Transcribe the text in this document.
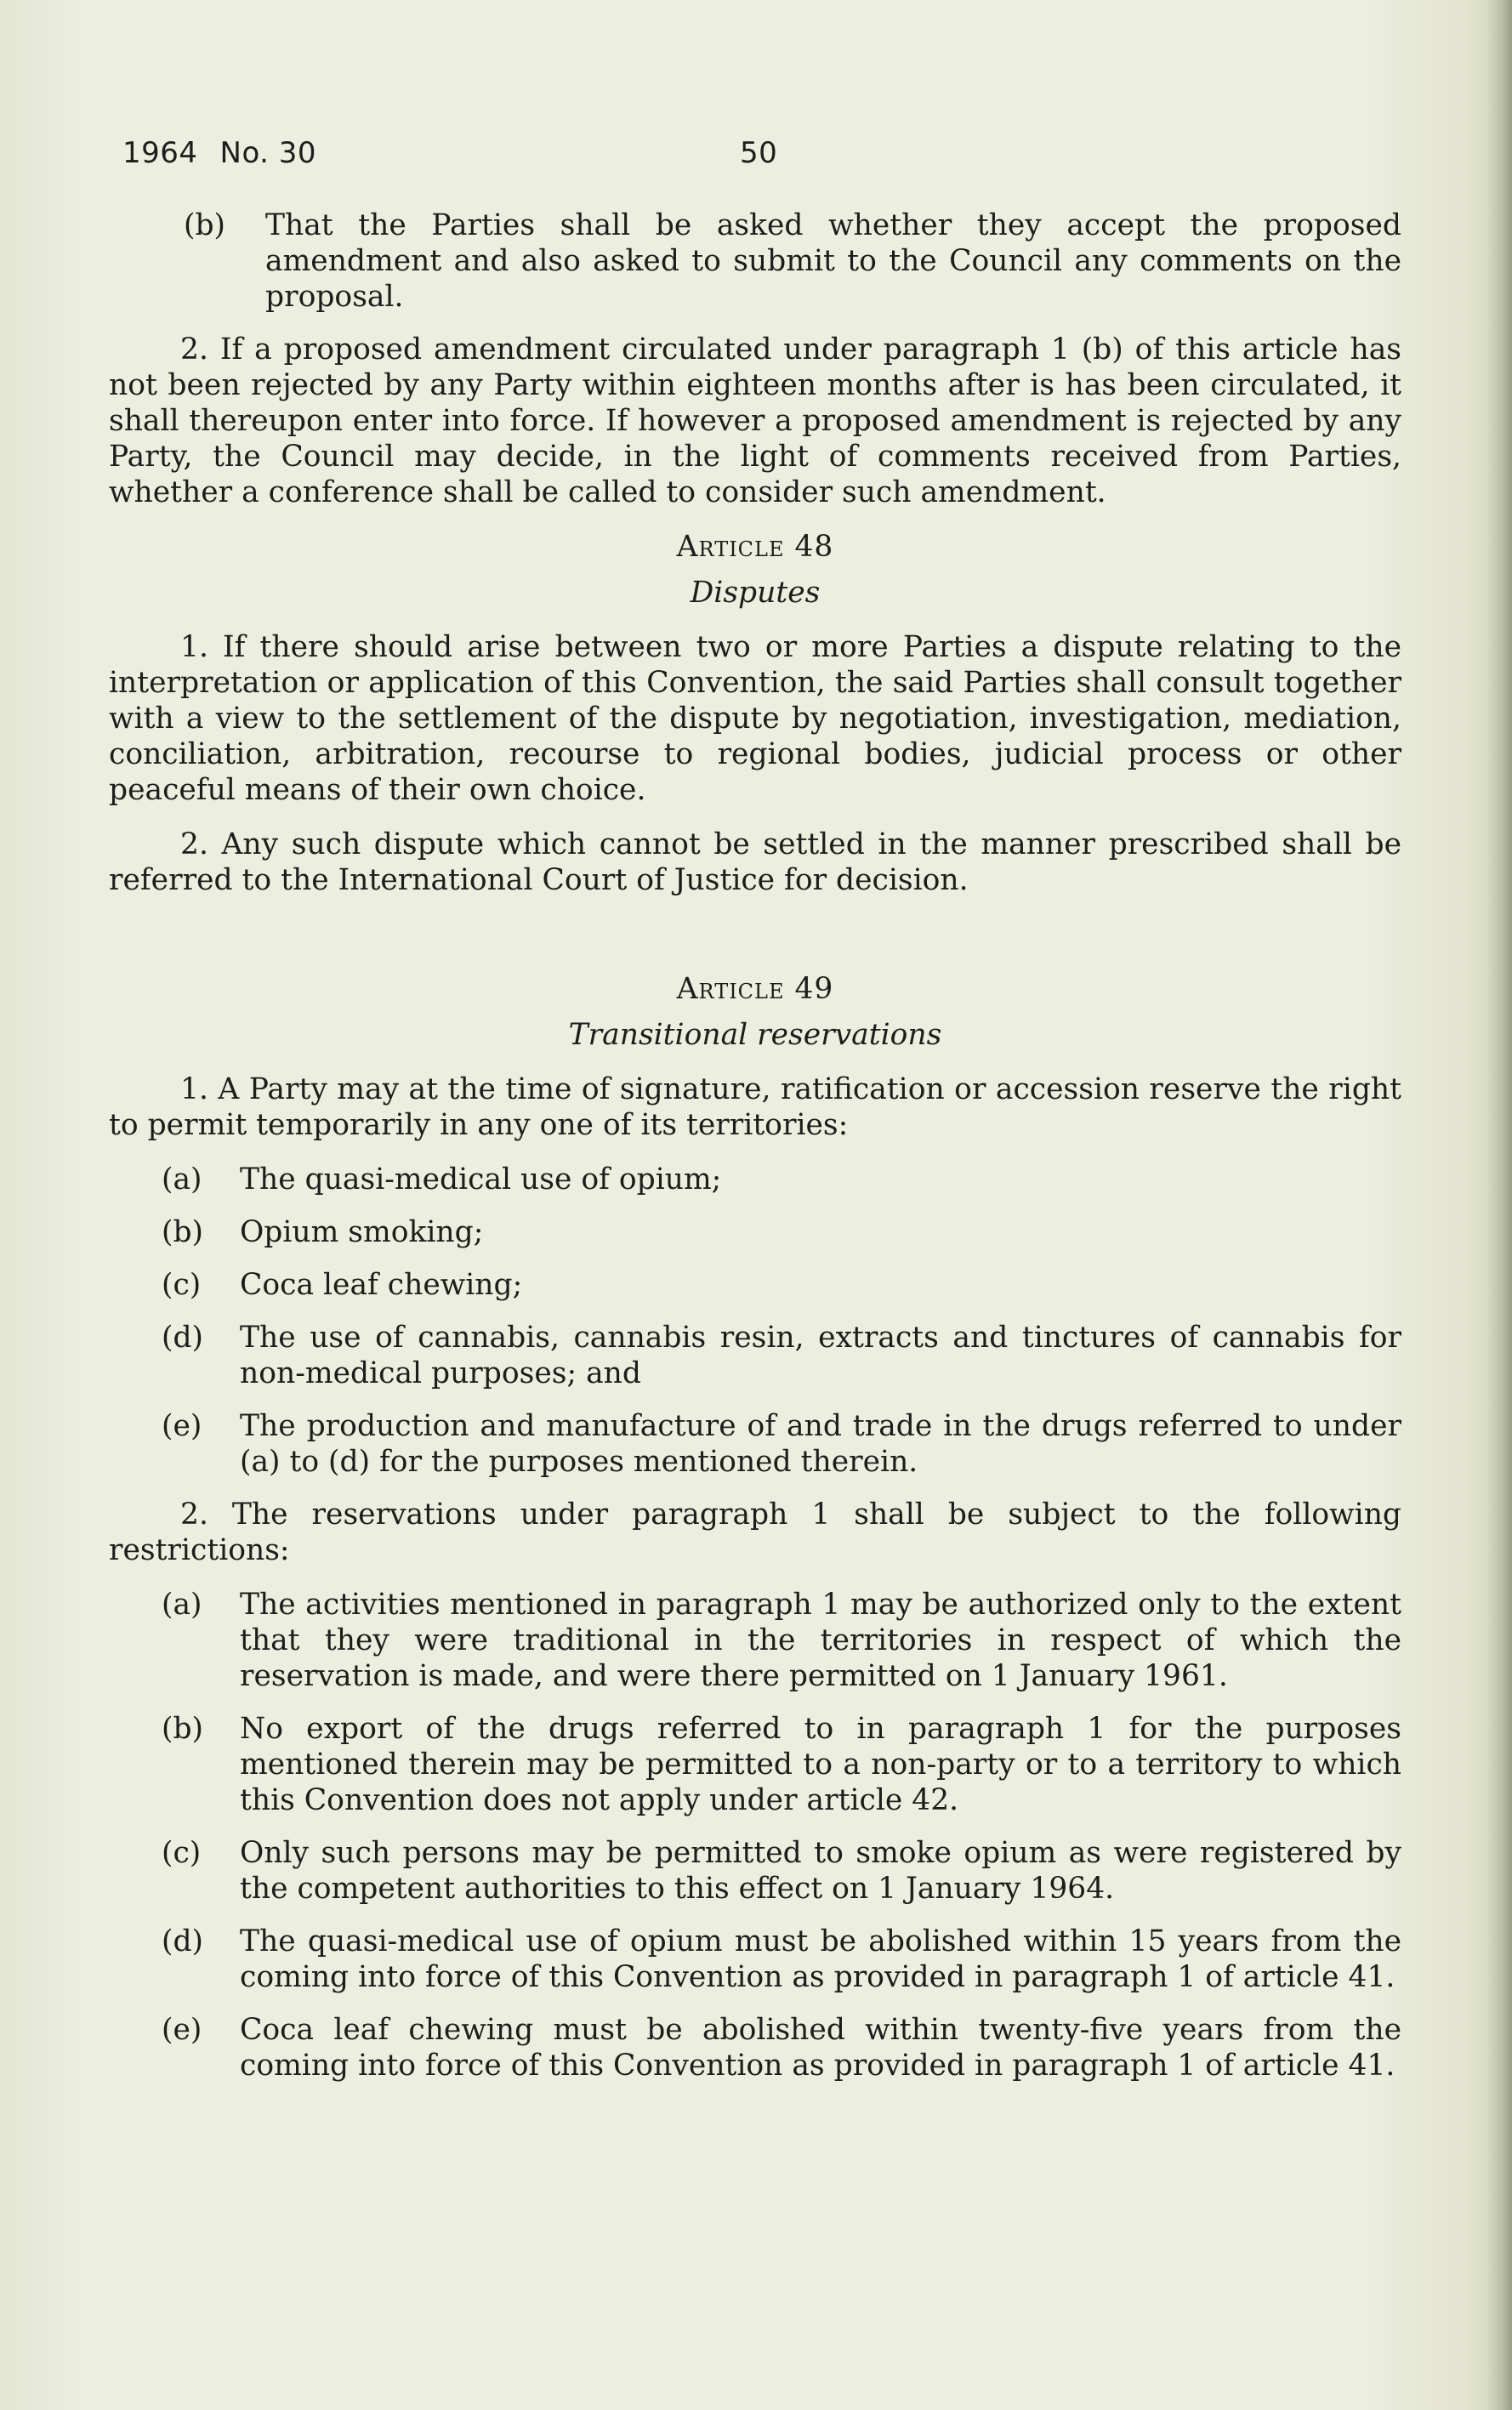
1964 No. 30	50
(b)	That the Parties shall be asked whether they accept the proposed amendment and also asked to submit to the Council any comments on the proposal.

2. If a proposed amendment circulated under paragraph 1 (b) of this article has not been rejected by any Party within eighteen months after is has been circulated, it shall thereupon enter into force. If however a proposed amendment is rejected by any Party, the Council may decide, in the light of comments received from Parties, whether a conference shall be called to consider such amendment.

Article 48
Disputes

1. If there should arise between two or more Parties a dispute relating to the interpretation or application of this Convention, the said Parties shall consult together with a view to the settlement of the dispute by negotiation, investigation, mediation, conciliation, arbitration, recourse to regional bodies, judicial process or other peaceful means of their own choice.

2. Any such dispute which cannot be settled in the manner prescribed shall be referred to the International Court of Justice for decision.

Article 49
Transitional reservations

1. A Party may at the time of signature, ratification or accession reserve the right to permit temporarily in any one of its territories:

(a)	The quasi-medical use of opium;

(b)	Opium smoking;

(c)	Coca leaf chewing;

(d)	The use of cannabis, cannabis resin, extracts and tinctures of cannabis for non-medical purposes; and

(e)	The production and manufacture of and trade in the drugs referred to under (a) to (d) for the purposes mentioned therein.

2. The reservations under paragraph 1 shall be subject to the following restrictions:

(a)	The activities mentioned in paragraph 1 may be authorized only to the extent that they were traditional in the territories in respect of which the reservation is made, and were there permitted on 1 January 1961.

(b)	No export of the drugs referred to in paragraph 1 for the purposes mentioned therein may be permitted to a non-party or to a territory to which this Convention does not apply under article 42.

(c)	Only such persons may be permitted to smoke opium as were registered by the competent authorities to this effect on 1 January 1964.

(d)	The quasi-medical use of opium must be abolished within 15 years from the coming into force of this Convention as provided in paragraph 1 of article 41.

(e)	Coca leaf chewing must be abolished within twenty-five years from the coming into force of this Convention as provided in paragraph 1 of article 41.
